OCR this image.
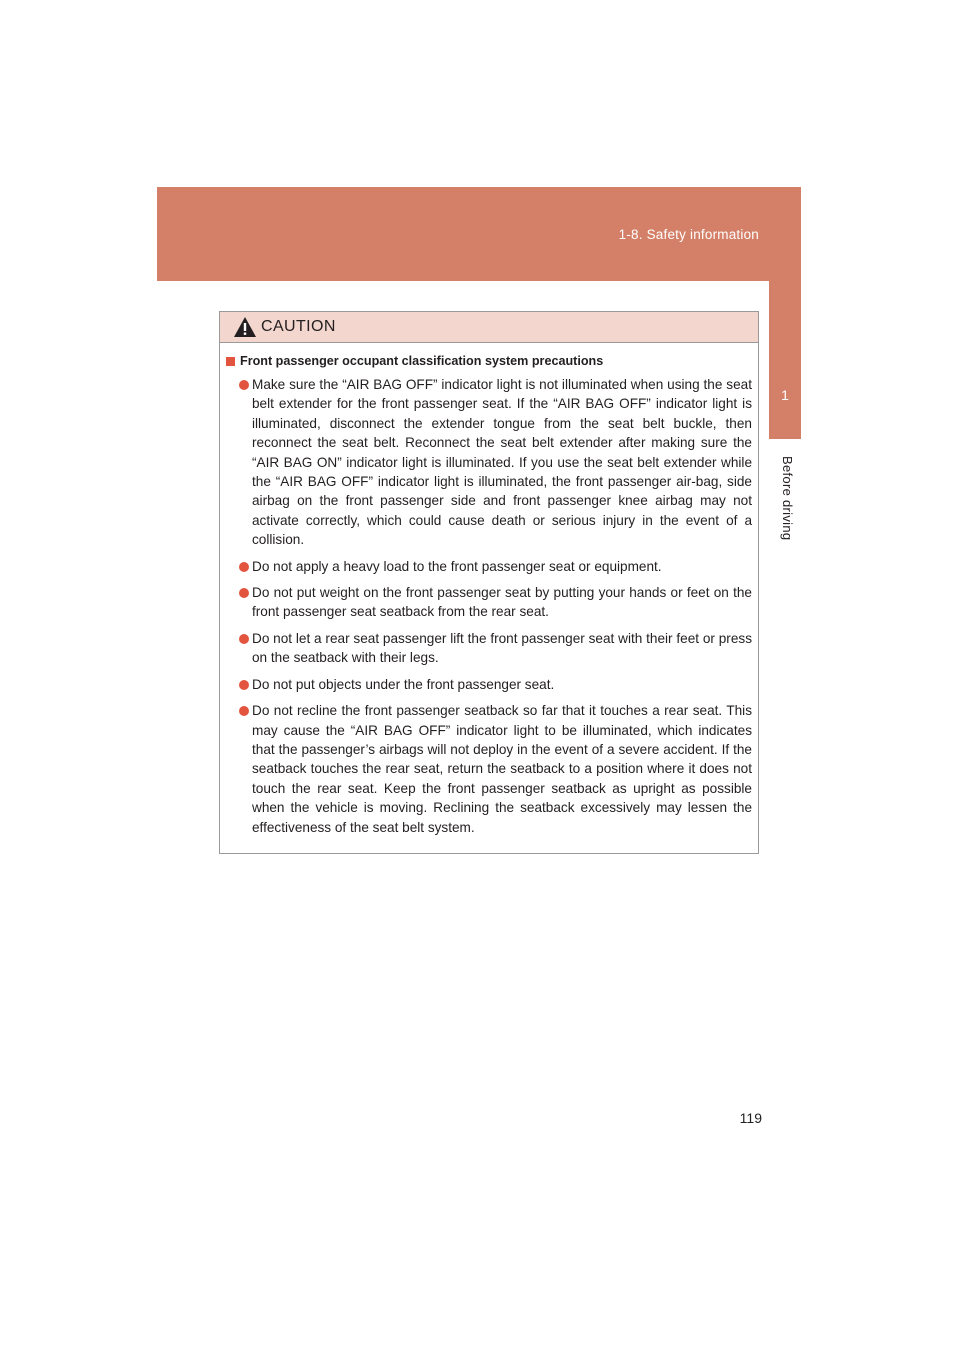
1-8. Safety information
1
Before driving
CAUTION
Front passenger occupant classification system precautions
Make sure the “AIR BAG OFF” indicator light is not illuminated when using the seat belt extender for the front passenger seat. If the “AIR BAG OFF” indicator light is illuminated, disconnect the extender tongue from the seat belt buckle, then reconnect the seat belt. Reconnect the seat belt extender after making sure the “AIR BAG ON” indicator light is illuminated. If you use the seat belt extender while the “AIR BAG OFF” indicator light is illuminated, the front passenger air-bag, side airbag on the front passenger side and front passenger knee airbag may not activate correctly, which could cause death or serious injury in the event of a collision.
Do not apply a heavy load to the front passenger seat or equipment.
Do not put weight on the front passenger seat by putting your hands or feet on the front passenger seat seatback from the rear seat.
Do not let a rear seat passenger lift the front passenger seat with their feet or press on the seatback with their legs.
Do not put objects under the front passenger seat.
Do not recline the front passenger seatback so far that it touches a rear seat. This may cause the “AIR BAG OFF” indicator light to be illuminated, which indicates that the passenger’s airbags will not deploy in the event of a severe accident. If the seatback touches the rear seat, return the seatback to a position where it does not touch the rear seat. Keep the front passenger seatback as upright as possible when the vehicle is moving. Reclining the seatback excessively may lessen the effectiveness of the seat belt system.
119
